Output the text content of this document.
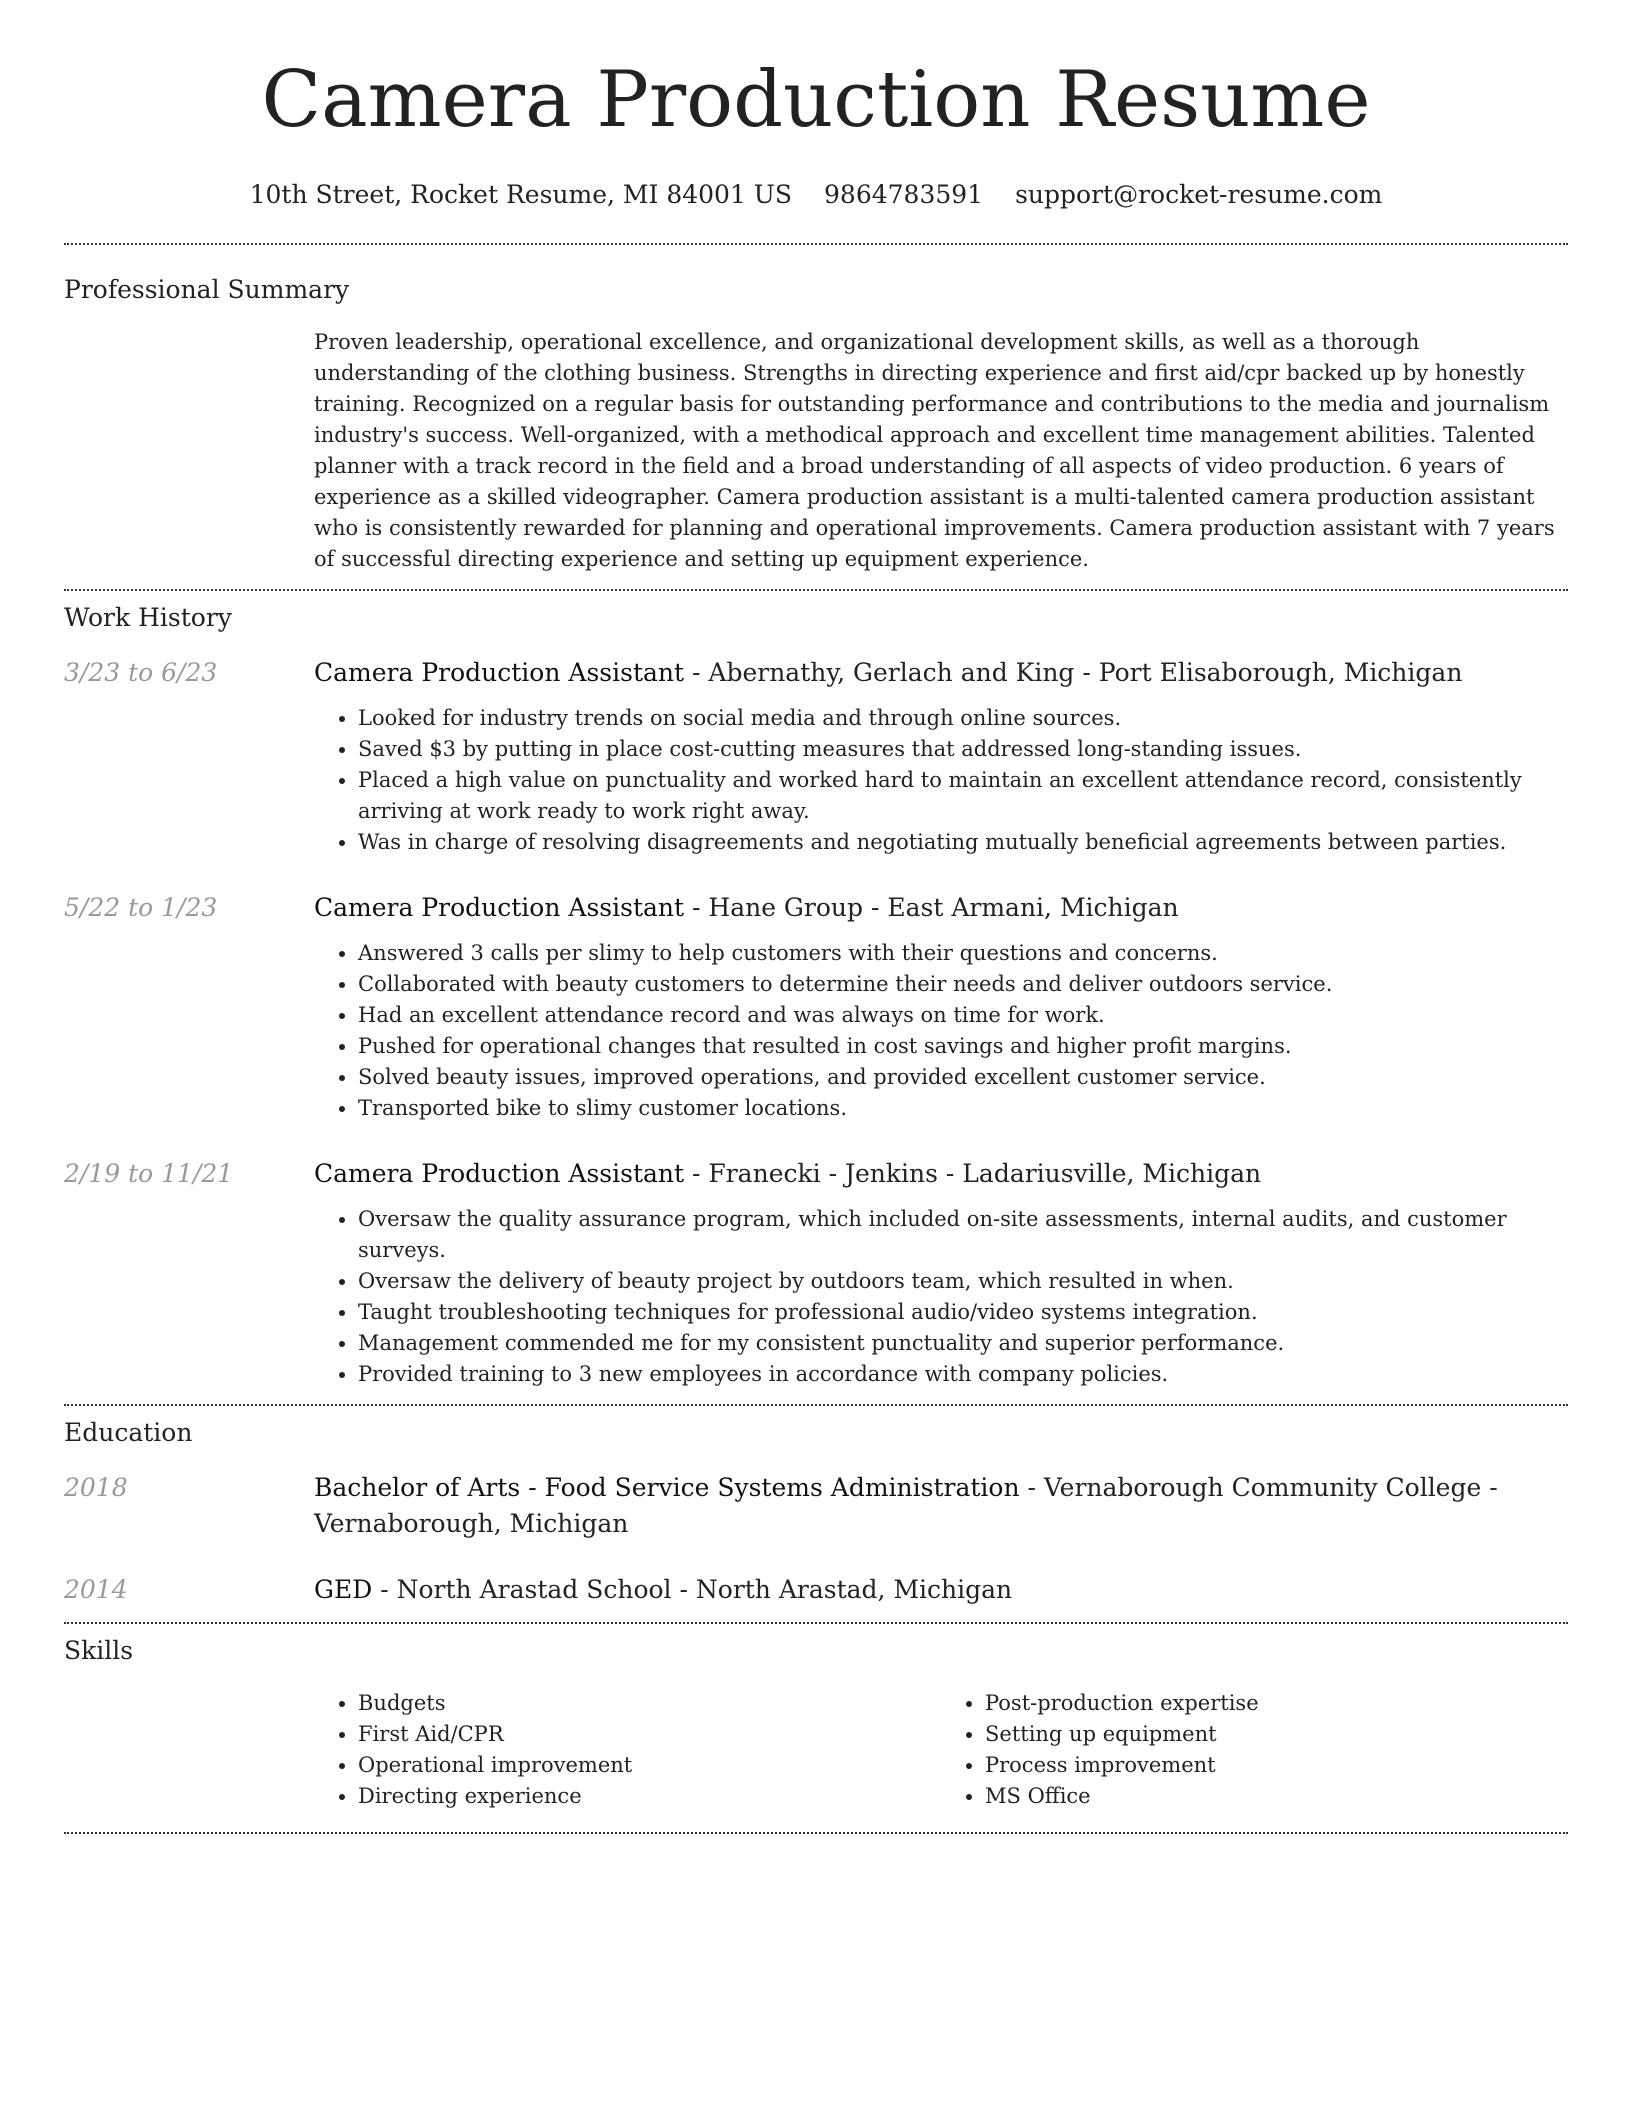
Camera Production Resume
10th Street, Rocket Resume, MI 84001 US 9864783591 support@rocket-resume.com
Professional Summary
Proven leadership, operational excellence, and organizational development skills, as well as a thorough understanding of the clothing business. Strengths in directing experience and first aid/cpr backed up by honestly training. Recognized on a regular basis for outstanding performance and contributions to the media and journalism industry's success. Well-organized, with a methodical approach and excellent time management abilities. Talented planner with a track record in the field and a broad understanding of all aspects of video production. 6 years of experience as a skilled videographer. Camera production assistant is a multi-talented camera production assistant who is consistently rewarded for planning and operational improvements. Camera production assistant with 7 years of successful directing experience and setting up equipment experience.
Work History
3/23 to 6/23	Camera Production Assistant - Abernathy, Gerlach and King - Port Elisaborough, Michigan
• Looked for industry trends on social media and through online sources.
• Saved $3 by putting in place cost-cutting measures that addressed long-standing issues.
• Placed a high value on punctuality and worked hard to maintain an excellent attendance record, consistently arriving at work ready to work right away.
• Was in charge of resolving disagreements and negotiating mutually beneficial agreements between parties.
5/22 to 1/23	Camera Production Assistant - Hane Group - East Armani, Michigan
• Answered 3 calls per slimy to help customers with their questions and concerns.
• Collaborated with beauty customers to determine their needs and deliver outdoors service.
• Had an excellent attendance record and was always on time for work.
• Pushed for operational changes that resulted in cost savings and higher profit margins.
• Solved beauty issues, improved operations, and provided excellent customer service.
• Transported bike to slimy customer locations.
2/19 to 11/21	Camera Production Assistant - Franecki - Jenkins - Ladariusville, Michigan
• Oversaw the quality assurance program, which included on-site assessments, internal audits, and customer surveys.
• Oversaw the delivery of beauty project by outdoors team, which resulted in when.
• Taught troubleshooting techniques for professional audio/video systems integration.
• Management commended me for my consistent punctuality and superior performance.
• Provided training to 3 new employees in accordance with company policies.
Education
2018	Bachelor of Arts - Food Service Systems Administration - Vernaborough Community College - Vernaborough, Michigan
2014	GED - North Arastad School - North Arastad, Michigan
Skills
• Budgets
• First Aid/CPR
• Operational improvement
• Directing experience
• Post-production expertise
• Setting up equipment
• Process improvement
• MS Office
